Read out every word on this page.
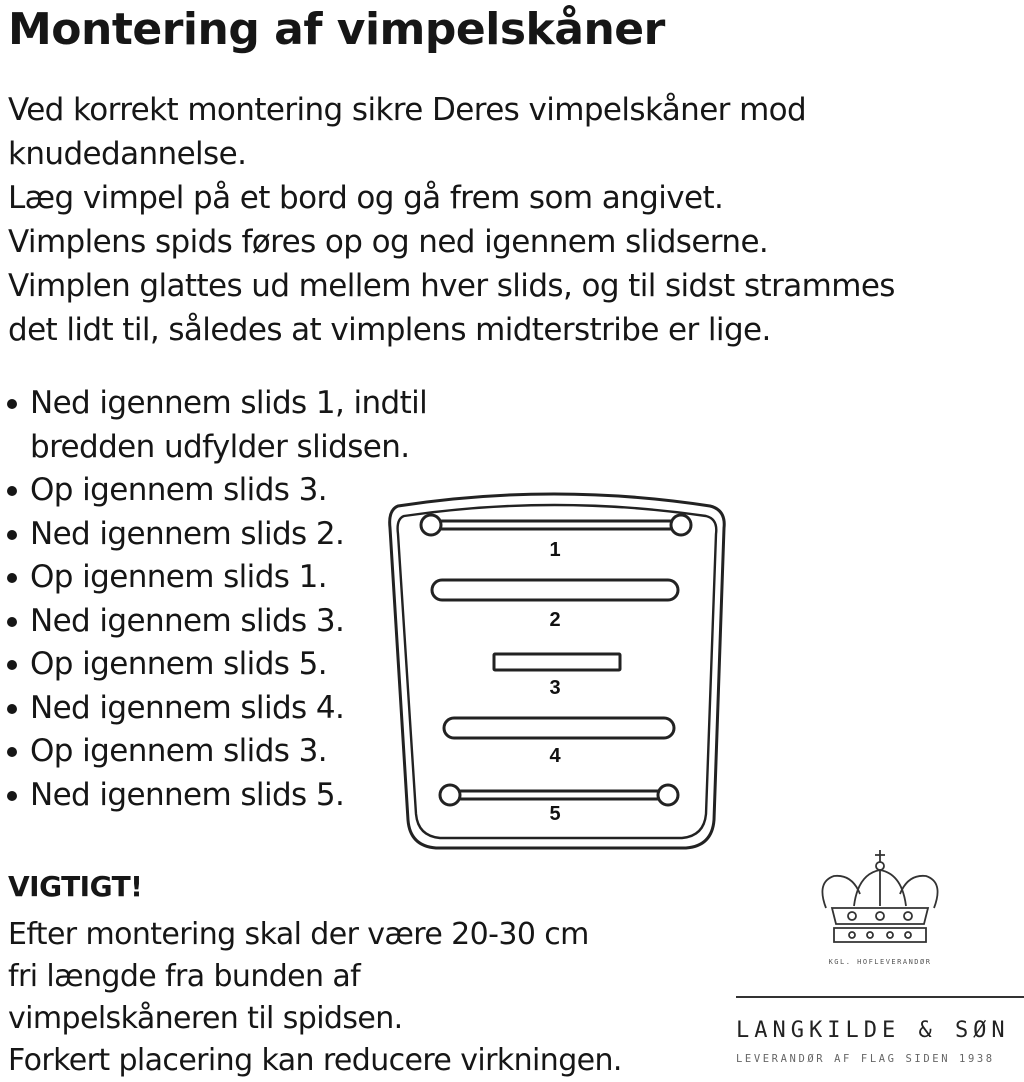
Montering af vimpelskåner
Ved korrekt montering sikre Deres vimpelskåner mod
knudedannelse.
Læg vimpel på et bord og gå frem som angivet.
Vimplens spids føres op og ned igennem slidserne.
Vimplen glattes ud mellem hver slids, og til sidst strammes
det lidt til, således at vimplens midterstribe er lige.
Ned igennem slids 1, indtil bredden udfylder slidsen.
Op igennem slids 3.
Ned igennem slids 2.
Op igennem slids 1.
Ned igennem slids 3.
Op igennem slids 5.
Ned igennem slids 4.
Op igennem slids 3.
Ned igennem slids 5.
1
2
3
4
5
VIGTIGT!
Efter montering skal der være 20-30 cm
fri længde fra bunden af
vimpelskåneren til spidsen.
Forkert placering kan reducere virkningen.
KGL. HOFLEVERANDØR
LANGKILDE & SØN
LEVERANDØR AF FLAG SIDEN 1938
